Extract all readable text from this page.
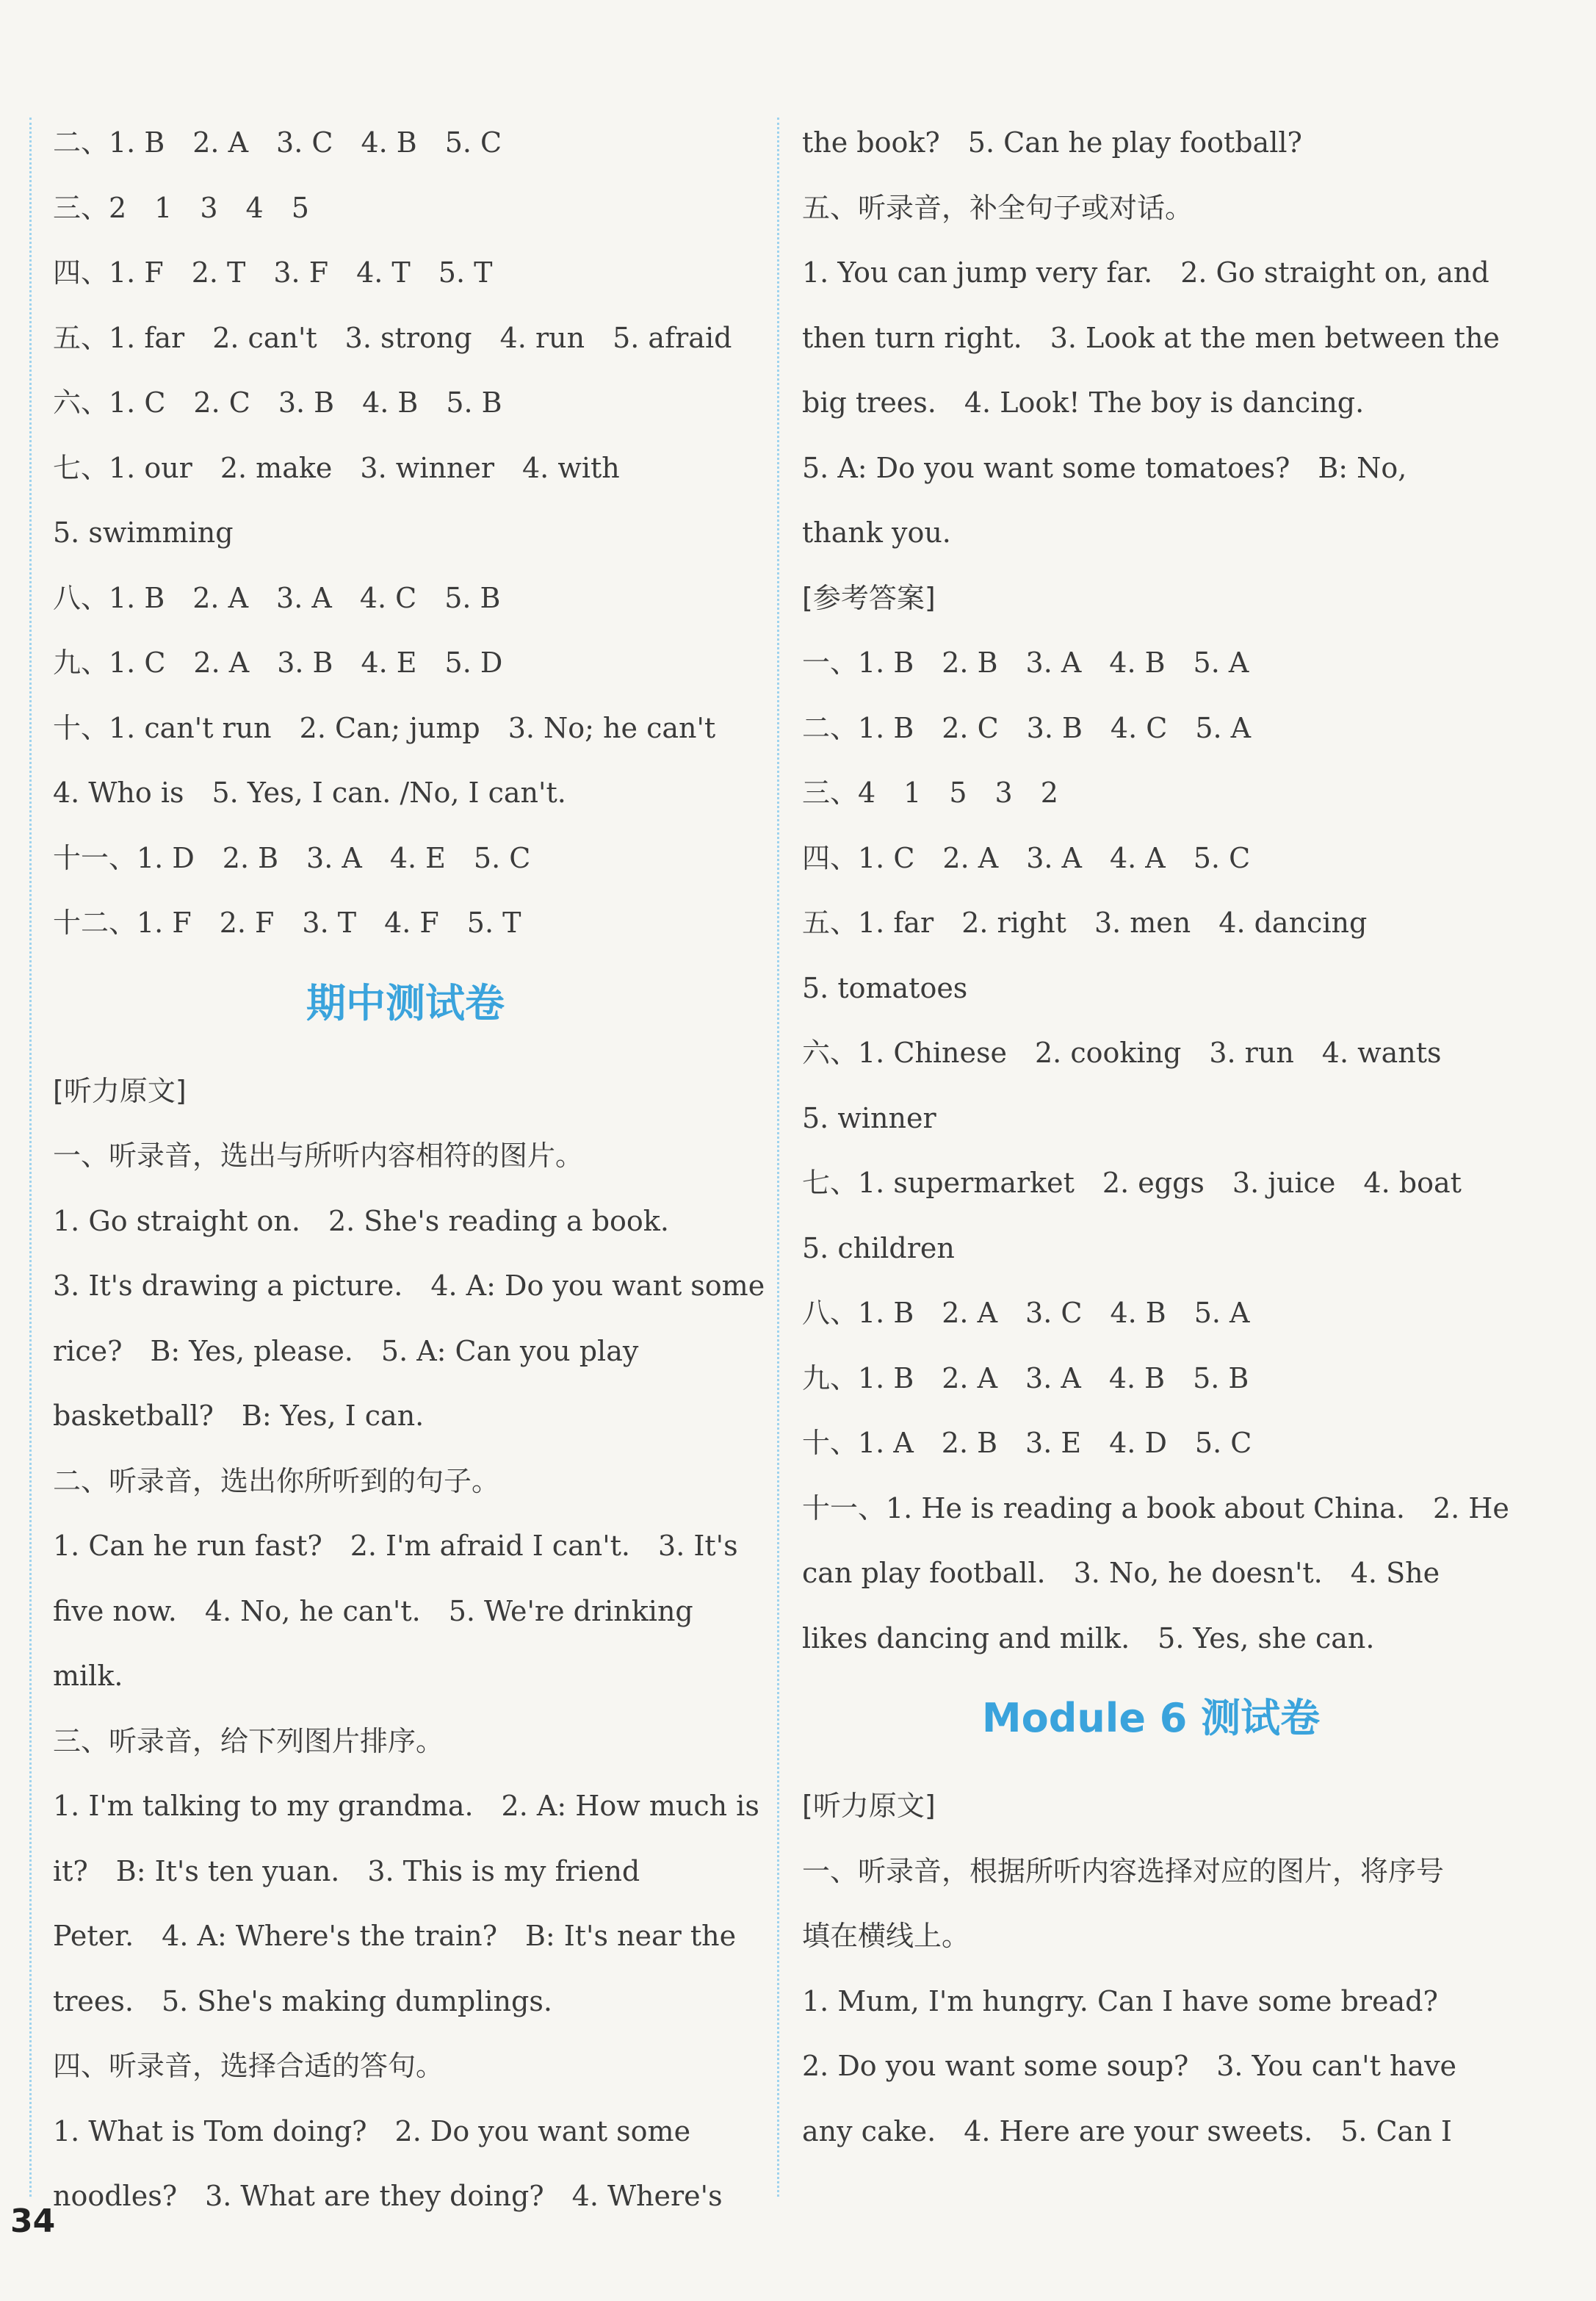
二、1. B　2. A　3. C　4. B　5. C
三、2　1　3　4　5
四、1. F　2. T　3. F　4. T　5. T
五、1. far　2. can't　3. strong　4. run　5. afraid
六、1. C　2. C　3. B　4. B　5. B
七、1. our　2. make　3. winner　4. with
5. swimming
八、1. B　2. A　3. A　4. C　5. B
九、1. C　2. A　3. B　4. E　5. D
十、1. can't run　2. Can; jump　3. No; he can't
4. Who is　5. Yes, I can. /No, I can't.
十一、1. D　2. B　3. A　4. E　5. C
十二、1. F　2. F　3. T　4. F　5. T
期中测试卷
[听力原文]
一、听录音，选出与所听内容相符的图片。
1. Go straight on.　2. She's reading a book.
3. It's drawing a picture.　4. A: Do you want some
rice?　B: Yes, please.　5. A: Can you play
basketball?　B: Yes, I can.
二、听录音，选出你所听到的句子。
1. Can he run fast?　2. I'm afraid I can't.　3. It's
five now.　4. No, he can't.　5. We're drinking
milk.
三、听录音，给下列图片排序。
1. I'm talking to my grandma.　2. A: How much is
it?　B: It's ten yuan.　3. This is my friend
Peter.　4. A: Where's the train?　B: It's near the
trees.　5. She's making dumplings.
四、听录音，选择合适的答句。
1. What is Tom doing?　2. Do you want some
noodles?　3. What are they doing?　4. Where's
the book?　5. Can he play football?
五、听录音，补全句子或对话。
1. You can jump very far.　2. Go straight on, and
then turn right.　3. Look at the men between the
big trees.　4. Look! The boy is dancing.
5. A: Do you want some tomatoes?　B: No,
thank you.
[参考答案]
一、1. B　2. B　3. A　4. B　5. A
二、1. B　2. C　3. B　4. C　5. A
三、4　1　5　3　2
四、1. C　2. A　3. A　4. A　5. C
五、1. far　2. right　3. men　4. dancing
5. tomatoes
六、1. Chinese　2. cooking　3. run　4. wants
5. winner
七、1. supermarket　2. eggs　3. juice　4. boat
5. children
八、1. B　2. A　3. C　4. B　5. A
九、1. B　2. A　3. A　4. B　5. B
十、1. A　2. B　3. E　4. D　5. C
十一、1. He is reading a book about China.　2. He
can play football.　3. No, he doesn't.　4. She
likes dancing and milk.　5. Yes, she can.
Module 6 测试卷
[听力原文]
一、听录音，根据所听内容选择对应的图片，将序号
填在横线上。
1. Mum, I'm hungry. Can I have some bread?
2. Do you want some soup?　3. You can't have
any cake.　4. Here are your sweets.　5. Can I
34
